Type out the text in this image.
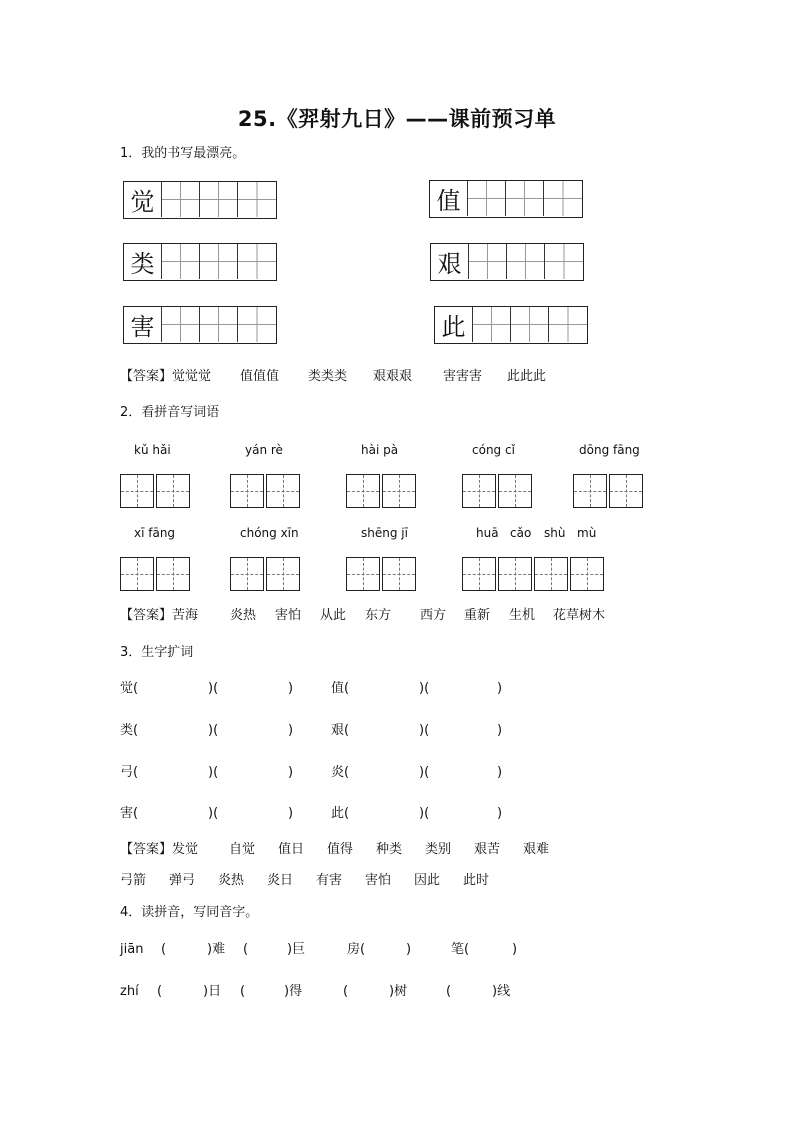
25.《羿射九日》——课前预习单
1．我的书写最漂亮。
觉	值
类	艰
害	此
【答案】觉觉觉 值值值 类类类 艰艰艰 害害害 此此此
2．看拼音写词语
kǔ hǎi	yán rè	hài pà	cóng cǐ	dōng fāng
xī fāng	chóng xīn	shēng jī	huā cǎo shù mù
【答案】苦海 炎热 害怕 从此 东方 西方 重新 生机 花草树木
3．生字扩词
觉(	)(	)	值(	)(	)
类(	)(	)	艰(	)(	)
弓(	)(	)	炎(	)(	)
害(	)(	)	此(	)(	)
【答案】发觉 自觉 值日 值得 种类 类别 艰苦 艰难
弓箭 弹弓 炎热 炎日 有害 害怕 因此 此时
4．读拼音，写同音字。
jiān (	)难 (	)巨	房(	)	笔(	)
zhí (	)日 (	)得	(	)树	(	)线
